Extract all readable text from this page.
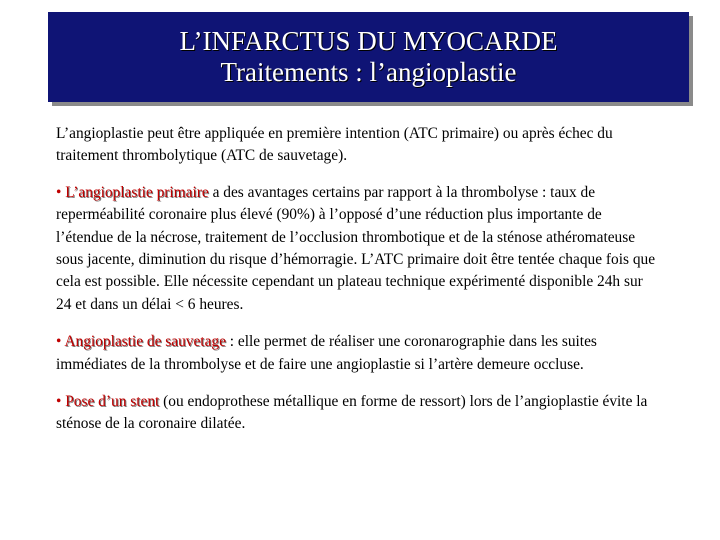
L’INFARCTUS DU MYOCARDE
Traitements : l’angioplastie

L’angioplastie peut être appliquée en première intention (ATC primaire) ou après échec du traitement thrombolytique (ATC de sauvetage).

• L’angioplastie primaire a des avantages certains par rapport à la thrombolyse : taux de reperméabilité coronaire plus élevé (90%) à l’opposé d’une réduction plus importante de l’étendue de la nécrose, traitement de l’occlusion thrombotique et de la sténose athéromateuse sous jacente, diminution du risque d’hémorragie. L’ATC primaire doit être tentée chaque fois que cela est possible. Elle nécessite cependant un plateau technique expérimenté disponible 24h sur 24 et dans un délai < 6 heures.

• Angioplastie de sauvetage : elle permet de réaliser une coronarographie dans les suites immédiates de la thrombolyse et de faire une angioplastie si l’artère demeure occluse.

• Pose d’un stent (ou endoprothese métallique en forme de ressort) lors de l’angioplastie évite la sténose de la coronaire dilatée.
